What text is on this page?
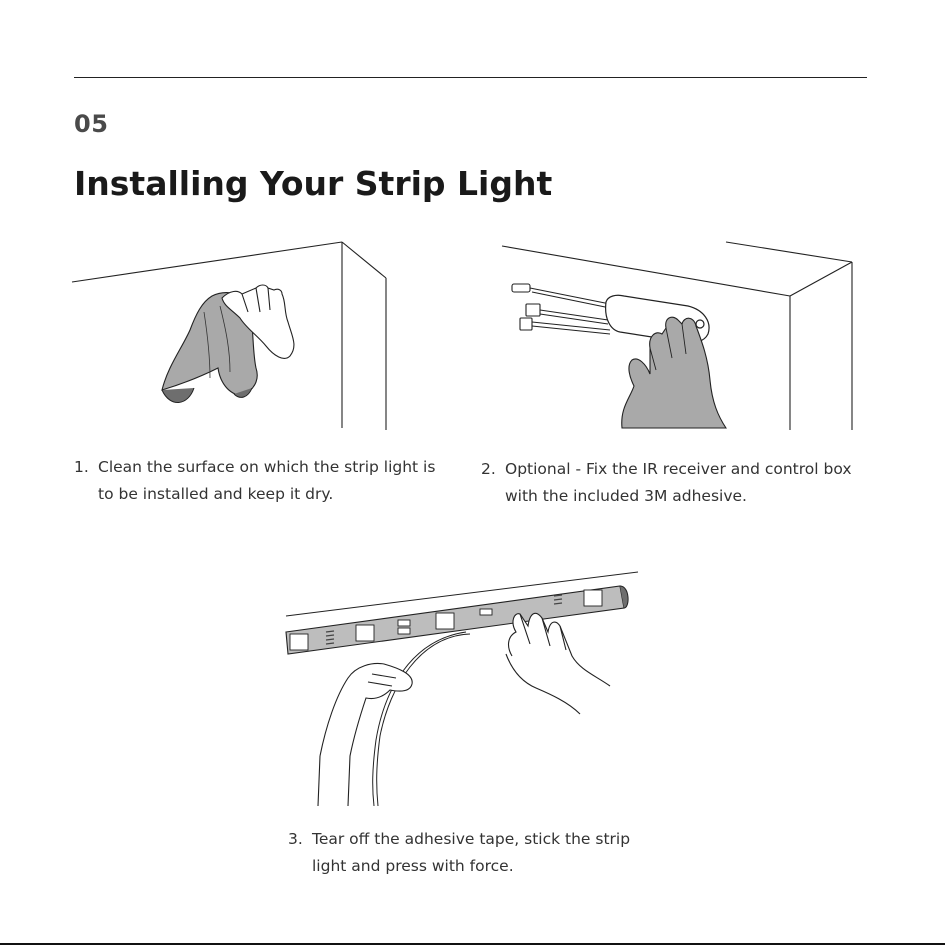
05
Installing Your Strip Light
1. Clean the surface on which the strip light is to be installed and keep it dry.
2. Optional - Fix the IR receiver and control box with the included 3M adhesive.
3. Tear off the adhesive tape, stick the strip light and press with force.
